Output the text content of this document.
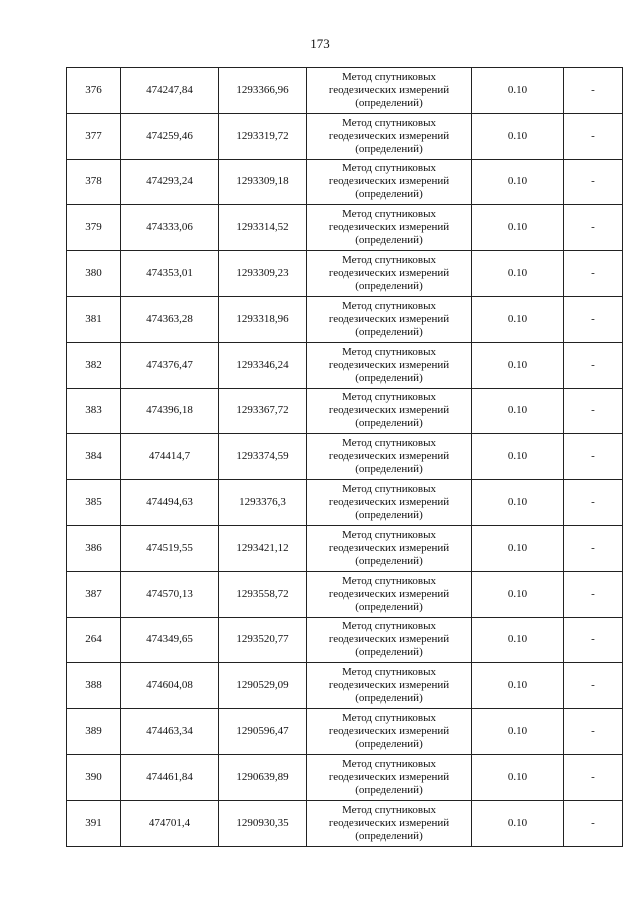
173
376	474247,84	1293366,96	Метод спутниковых
геодезических измерений
(определений)	0.10	-
377	474259,46	1293319,72	Метод спутниковых
геодезических измерений
(определений)	0.10	-
378	474293,24	1293309,18	Метод спутниковых
геодезических измерений
(определений)	0.10	-
379	474333,06	1293314,52	Метод спутниковых
геодезических измерений
(определений)	0.10	-
380	474353,01	1293309,23	Метод спутниковых
геодезических измерений
(определений)	0.10	-
381	474363,28	1293318,96	Метод спутниковых
геодезических измерений
(определений)	0.10	-
382	474376,47	1293346,24	Метод спутниковых
геодезических измерений
(определений)	0.10	-
383	474396,18	1293367,72	Метод спутниковых
геодезических измерений
(определений)	0.10	-
384	474414,7	1293374,59	Метод спутниковых
геодезических измерений
(определений)	0.10	-
385	474494,63	1293376,3	Метод спутниковых
геодезических измерений
(определений)	0.10	-
386	474519,55	1293421,12	Метод спутниковых
геодезических измерений
(определений)	0.10	-
387	474570,13	1293558,72	Метод спутниковых
геодезических измерений
(определений)	0.10	-
264	474349,65	1293520,77	Метод спутниковых
геодезических измерений
(определений)	0.10	-
388	474604,08	1290529,09	Метод спутниковых
геодезических измерений
(определений)	0.10	-
389	474463,34	1290596,47	Метод спутниковых
геодезических измерений
(определений)	0.10	-
390	474461,84	1290639,89	Метод спутниковых
геодезических измерений
(определений)	0.10	-
391	474701,4	1290930,35	Метод спутниковых
геодезических измерений
(определений)	0.10	-
